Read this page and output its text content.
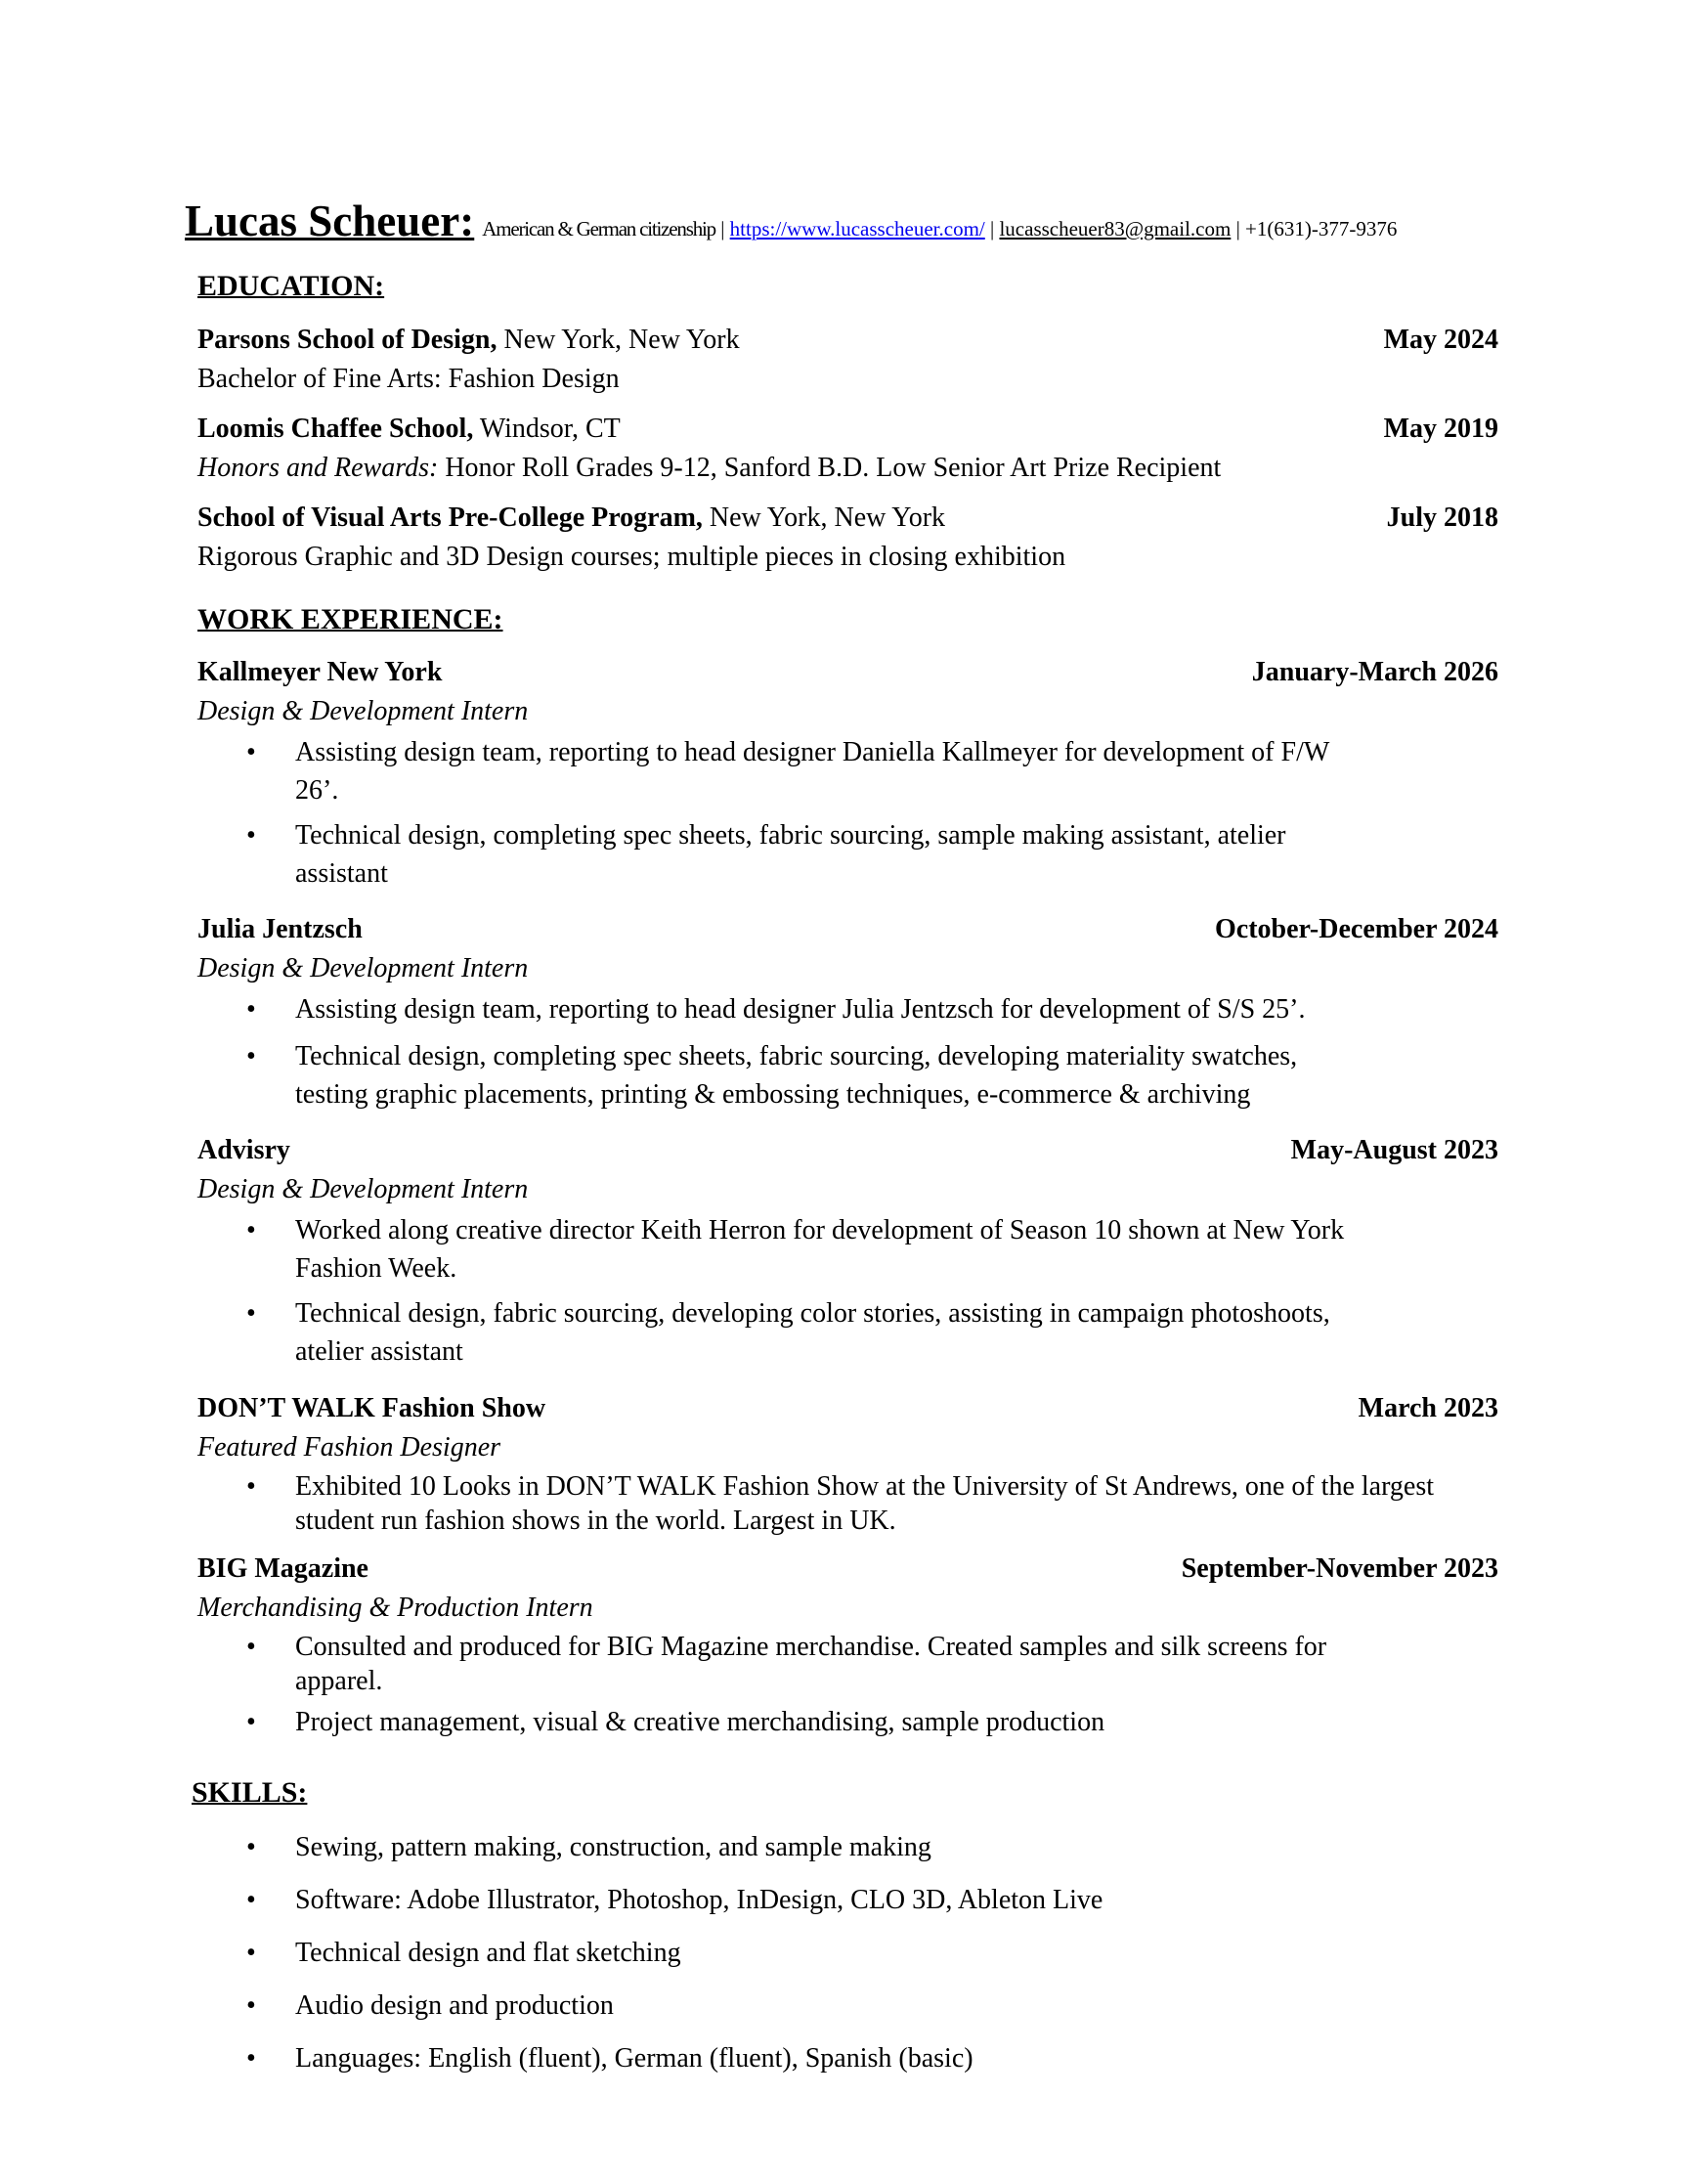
Lucas Scheuer: American & German citizenship | https://www.lucasscheuer.com/ | lucasscheuer83@gmail.com | +1(631)-377-9376
EDUCATION:
Parsons School of Design, New York, New York	May 2024
Bachelor of Fine Arts: Fashion Design
Loomis Chaffee School, Windsor, CT	May 2019
Honors and Rewards: Honor Roll Grades 9-12, Sanford B.D. Low Senior Art Prize Recipient
School of Visual Arts Pre-College Program, New York, New York	July 2018
Rigorous Graphic and 3D Design courses; multiple pieces in closing exhibition
WORK EXPERIENCE:
Kallmeyer New York	January-March 2026
Design & Development Intern
• Assisting design team, reporting to head designer Daniella Kallmeyer for development of F/W
26’.
• Technical design, completing spec sheets, fabric sourcing, sample making assistant, atelier
assistant
Julia Jentzsch	October-December 2024
Design & Development Intern
• Assisting design team, reporting to head designer Julia Jentzsch for development of S/S 25’.
• Technical design, completing spec sheets, fabric sourcing, developing materiality swatches,
testing graphic placements, printing & embossing techniques, e-commerce & archiving
Advisry	May-August 2023
Design & Development Intern
• Worked along creative director Keith Herron for development of Season 10 shown at New York
Fashion Week.
• Technical design, fabric sourcing, developing color stories, assisting in campaign photoshoots,
atelier assistant
DON’T WALK Fashion Show	March 2023
Featured Fashion Designer
• Exhibited 10 Looks in DON’T WALK Fashion Show at the University of St Andrews, one of the largest
student run fashion shows in the world. Largest in UK.
BIG Magazine	September-November 2023
Merchandising & Production Intern
• Consulted and produced for BIG Magazine merchandise. Created samples and silk screens for
apparel.
• Project management, visual & creative merchandising, sample production
SKILLS:
• Sewing, pattern making, construction, and sample making
• Software: Adobe Illustrator, Photoshop, InDesign, CLO 3D, Ableton Live
• Technical design and flat sketching
• Audio design and production
• Languages: English (fluent), German (fluent), Spanish (basic)
